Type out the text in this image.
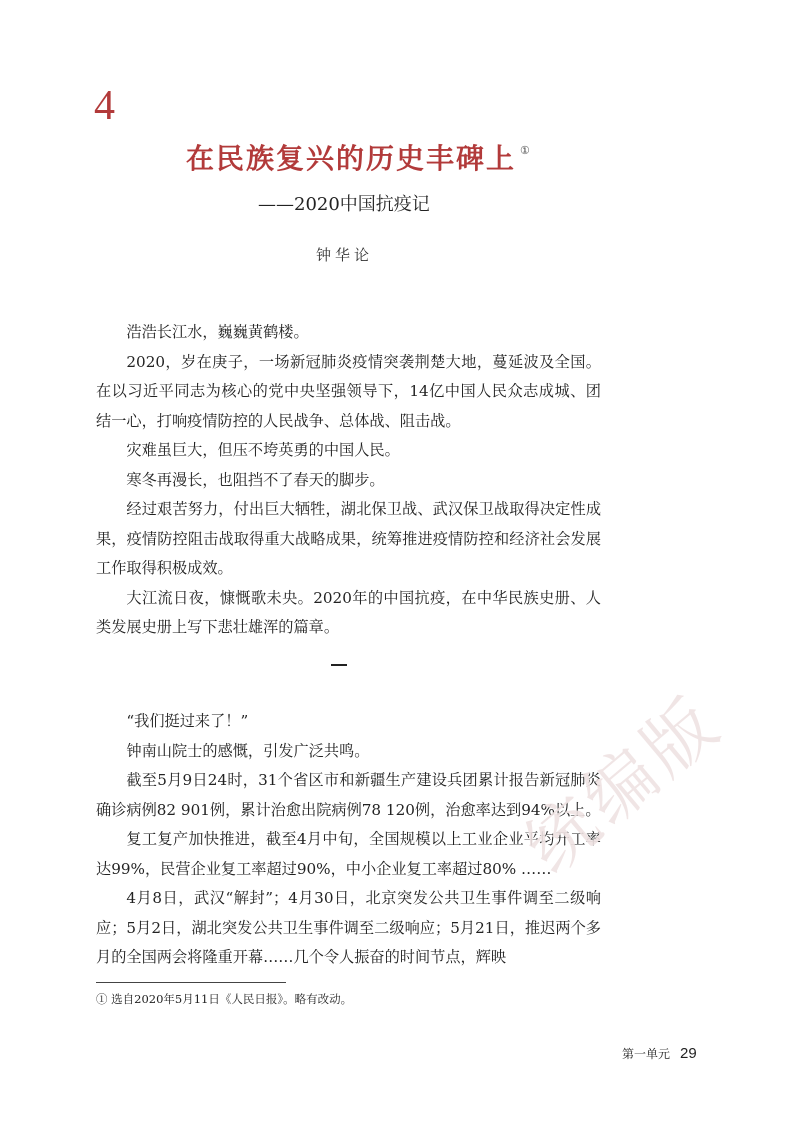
4
在民族复兴的历史丰碑上 ①
——2020中国抗疫记
钟华论

浩浩长江水，巍巍黄鹤楼。

2020，岁在庚子，一场新冠肺炎疫情突袭荆楚大地，蔓延波及全国。在以习近平同志为核心的党中央坚强领导下，14亿中国人民众志成城、团结一心，打响疫情防控的人民战争、总体战、阻击战。

灾难虽巨大，但压不垮英勇的中国人民。

寒冬再漫长，也阻挡不了春天的脚步。

经过艰苦努力，付出巨大牺牲，湖北保卫战、武汉保卫战取得决定性成果，疫情防控阻击战取得重大战略成果，统筹推进疫情防控和经济社会发展工作取得积极成效。

大江流日夜，慷慨歌未央。2020年的中国抗疫，在中华民族史册、人类发展史册上写下悲壮雄浑的篇章。

“我们挺过来了！”

钟南山院士的感慨，引发广泛共鸣。

截至5月9日24时，31个省区市和新疆生产建设兵团累计报告新冠肺炎确诊病例82 901例，累计治愈出院病例78 120例，治愈率达到94%以上。

复工复产加快推进，截至4月中旬，全国规模以上工业企业平均开工率达99%，民营企业复工率超过90%，中小企业复工率超过80% ……

4月8日，武汉“解封”；4月30日，北京突发公共卫生事件调至二级响应；5月2日，湖北突发公共卫生事件调至二级响应；5月21日，推迟两个多月的全国两会将隆重开幕……几个令人振奋的时间节点，辉映

统编版
① 选自2020年5月11日《人民日报》。略有改动。
第一单元 29
